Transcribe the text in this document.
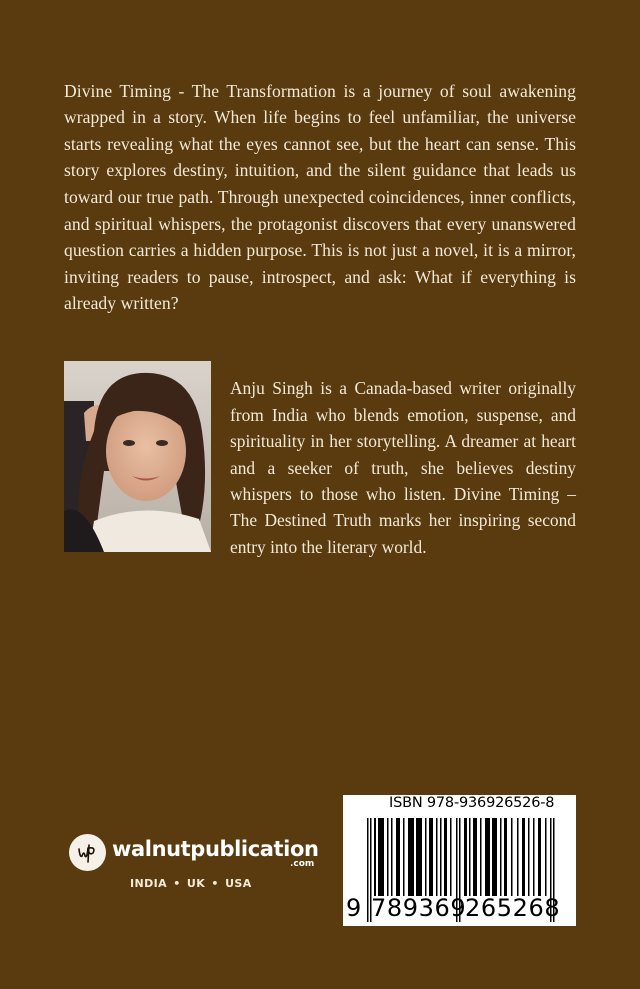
Divine Timing - The Transformation is a journey of soul awakening wrapped in a story. When life begins to feel unfamiliar, the universe starts revealing what the eyes cannot see, but the heart can sense. This story explores destiny, intuition, and the silent guidance that leads us toward our true path. Through unexpected coincidences, inner conflicts, and spiritual whispers, the protagonist discovers that every unanswered question carries a hidden purpose. This is not just a novel, it is a mirror, inviting readers to pause, introspect, and ask: What if everything is already written?

Anju Singh is a Canada-based writer originally from India who blends emotion, suspense, and spirituality in her storytelling. A dreamer at heart and a seeker of truth, she believes destiny whispers to those who listen. Divine Timing – The Destined Truth marks her inspiring second entry into the literary world.

walnutpublication
.com
INDIA • UK • USA
ISBN 978-936926526-8
9 789369
265268
